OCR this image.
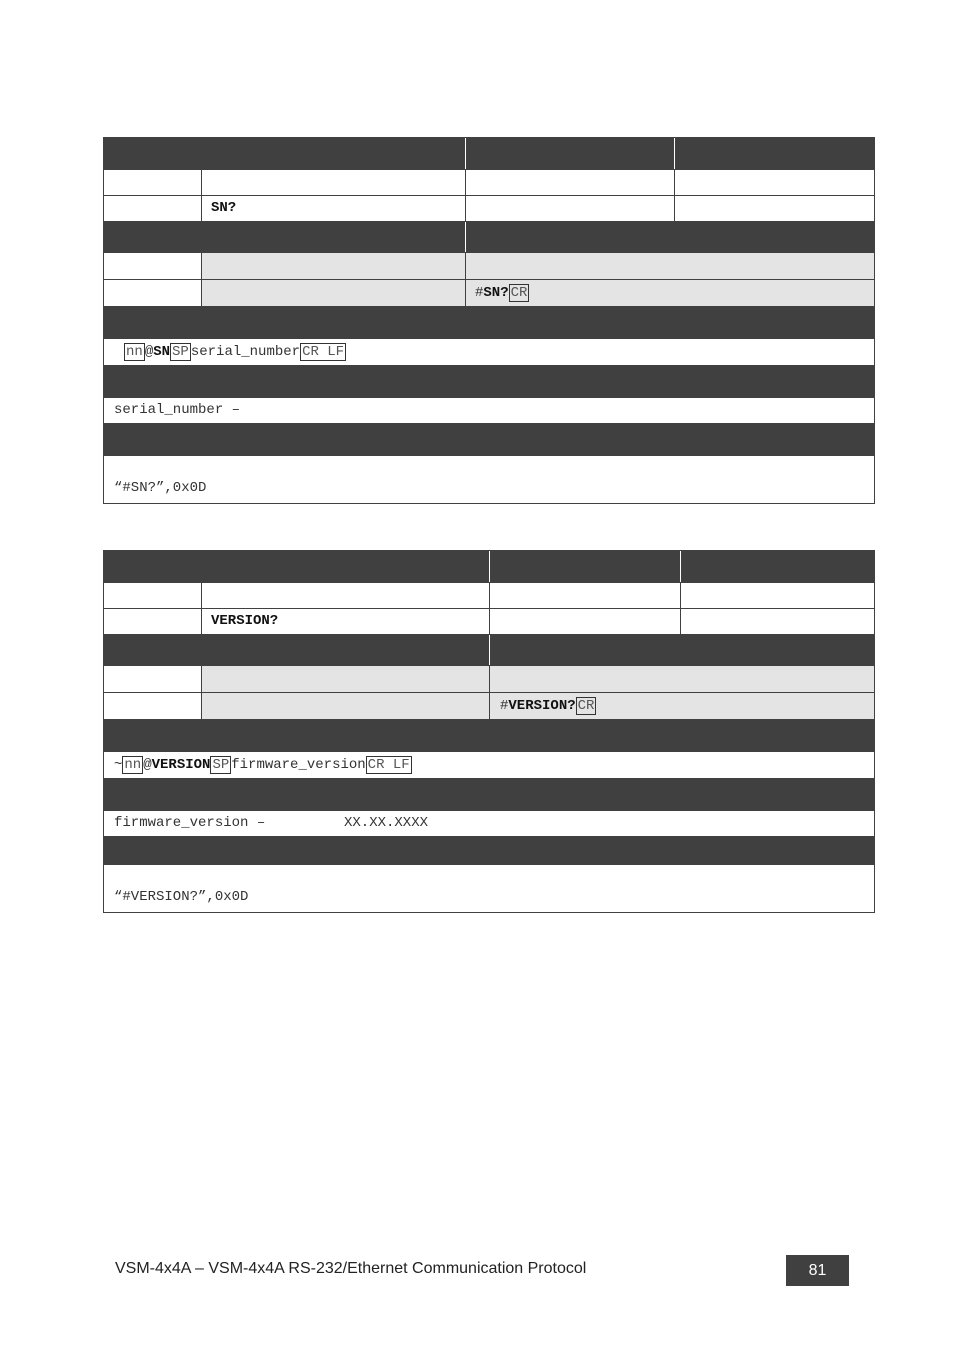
SN?
#SN? CR
nn @SN SP serial_number CR LF
serial_number –
“#SN?”,0x0D
VERSION?
#VERSION? CR
~ nn @VERSION SP firmware_version CR LF
firmware_version –	XX.XX.XXXX
“#VERSION?”,0x0D
VSM-4x4A – VSM-4x4A RS-232/Ethernet Communication Protocol	81
